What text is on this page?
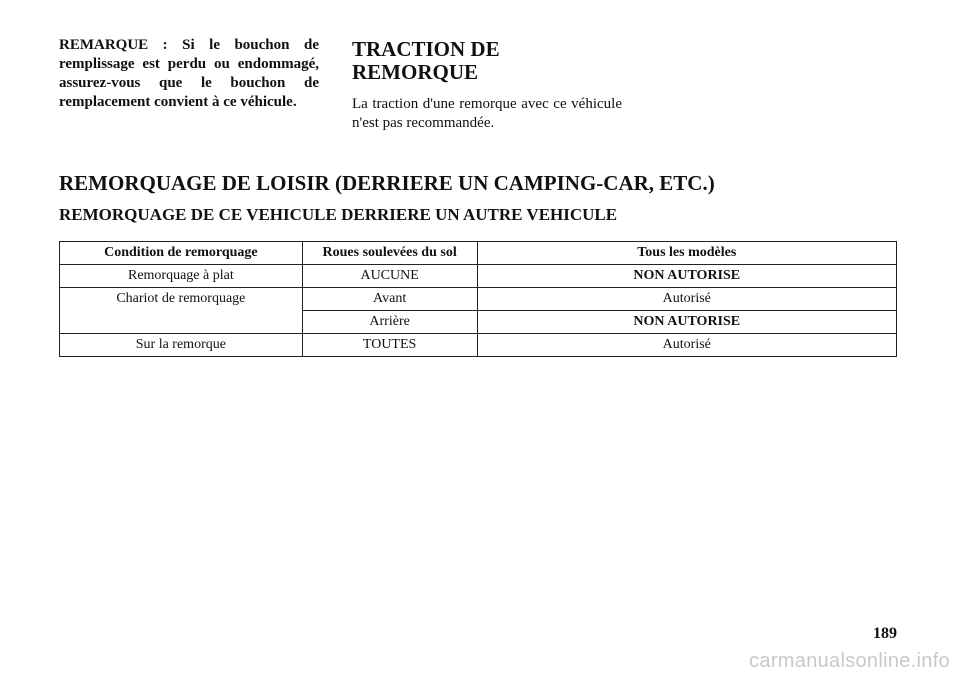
REMARQUE : Si le bouchon de remplissage est perdu ou endommagé, assurez-vous que le bouchon de remplacement convient à ce véhicule.
TRACTION DE
REMORQUE

La traction d'une remorque avec ce véhicule n'est pas recommandée.

REMORQUAGE DE LOISIR (DERRIERE UN CAMPING-CAR, ETC.)
REMORQUAGE DE CE VEHICULE DERRIERE UN AUTRE VEHICULE
Condition de remorquage	Roues soulevées du sol	Tous les modèles
Remorquage à plat	AUCUNE	NON AUTORISE
Chariot de remorquage	Avant	Autorisé
	Arrière	NON AUTORISE
Sur la remorque	TOUTES	Autorisé

189

carmanualsonline.info
